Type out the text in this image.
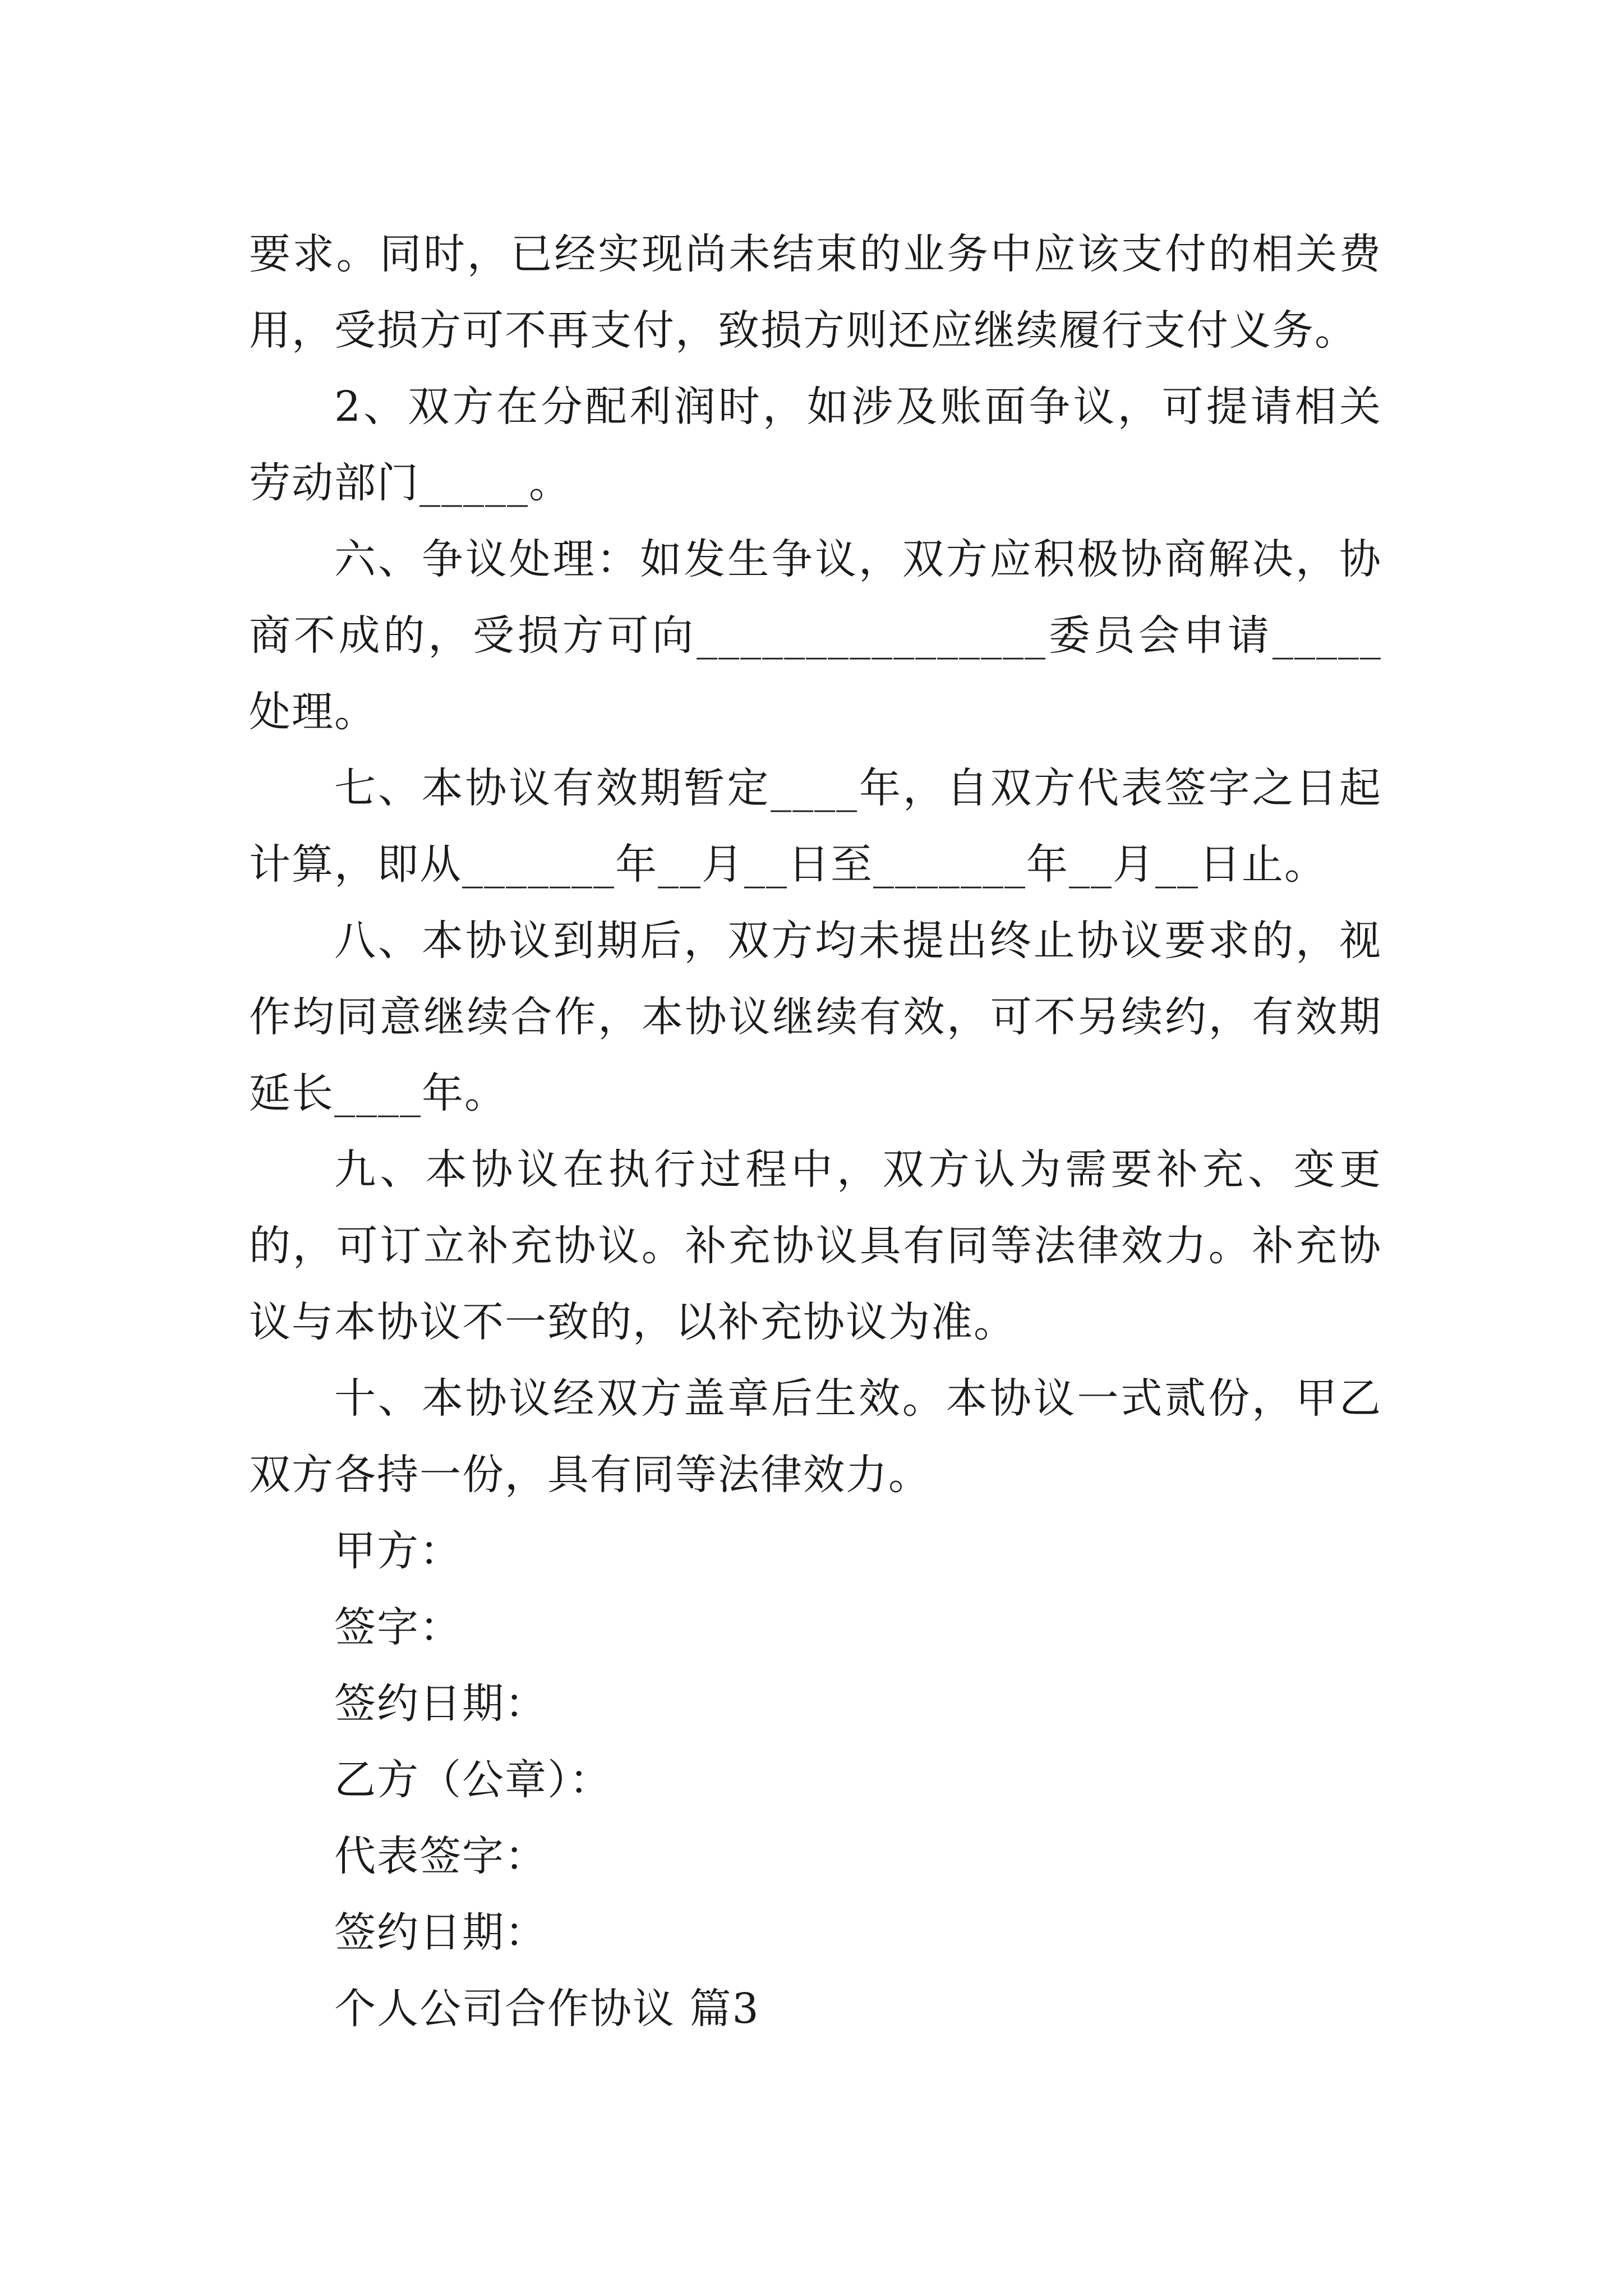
要求。同时，已经实现尚未结束的业务中应该支付的相关费用，受损方可不再支付，致损方则还应继续履行支付义务。

2、双方在分配利润时，如涉及账面争议，可提请相关劳动部门_____。

六、争议处理：如发生争议，双方应积极协商解决，协商不成的，受损方可向________________委员会申请_____处理。

七、本协议有效期暂定____年，自双方代表签字之日起计算，即从_______年__月__日至_______年__月__日止。

八、本协议到期后，双方均未提出终止协议要求的，视作均同意继续合作，本协议继续有效，可不另续约，有效期延长____年。

九、本协议在执行过程中，双方认为需要补充、变更的，可订立补充协议。补充协议具有同等法律效力。补充协议与本协议不一致的，以补充协议为准。

十、本协议经双方盖章后生效。本协议一式贰份，甲乙双方各持一份，具有同等法律效力。

甲方：

签字：

签约日期：

乙方（公章）：

代表签字：

签约日期：

个人公司合作协议 篇3
